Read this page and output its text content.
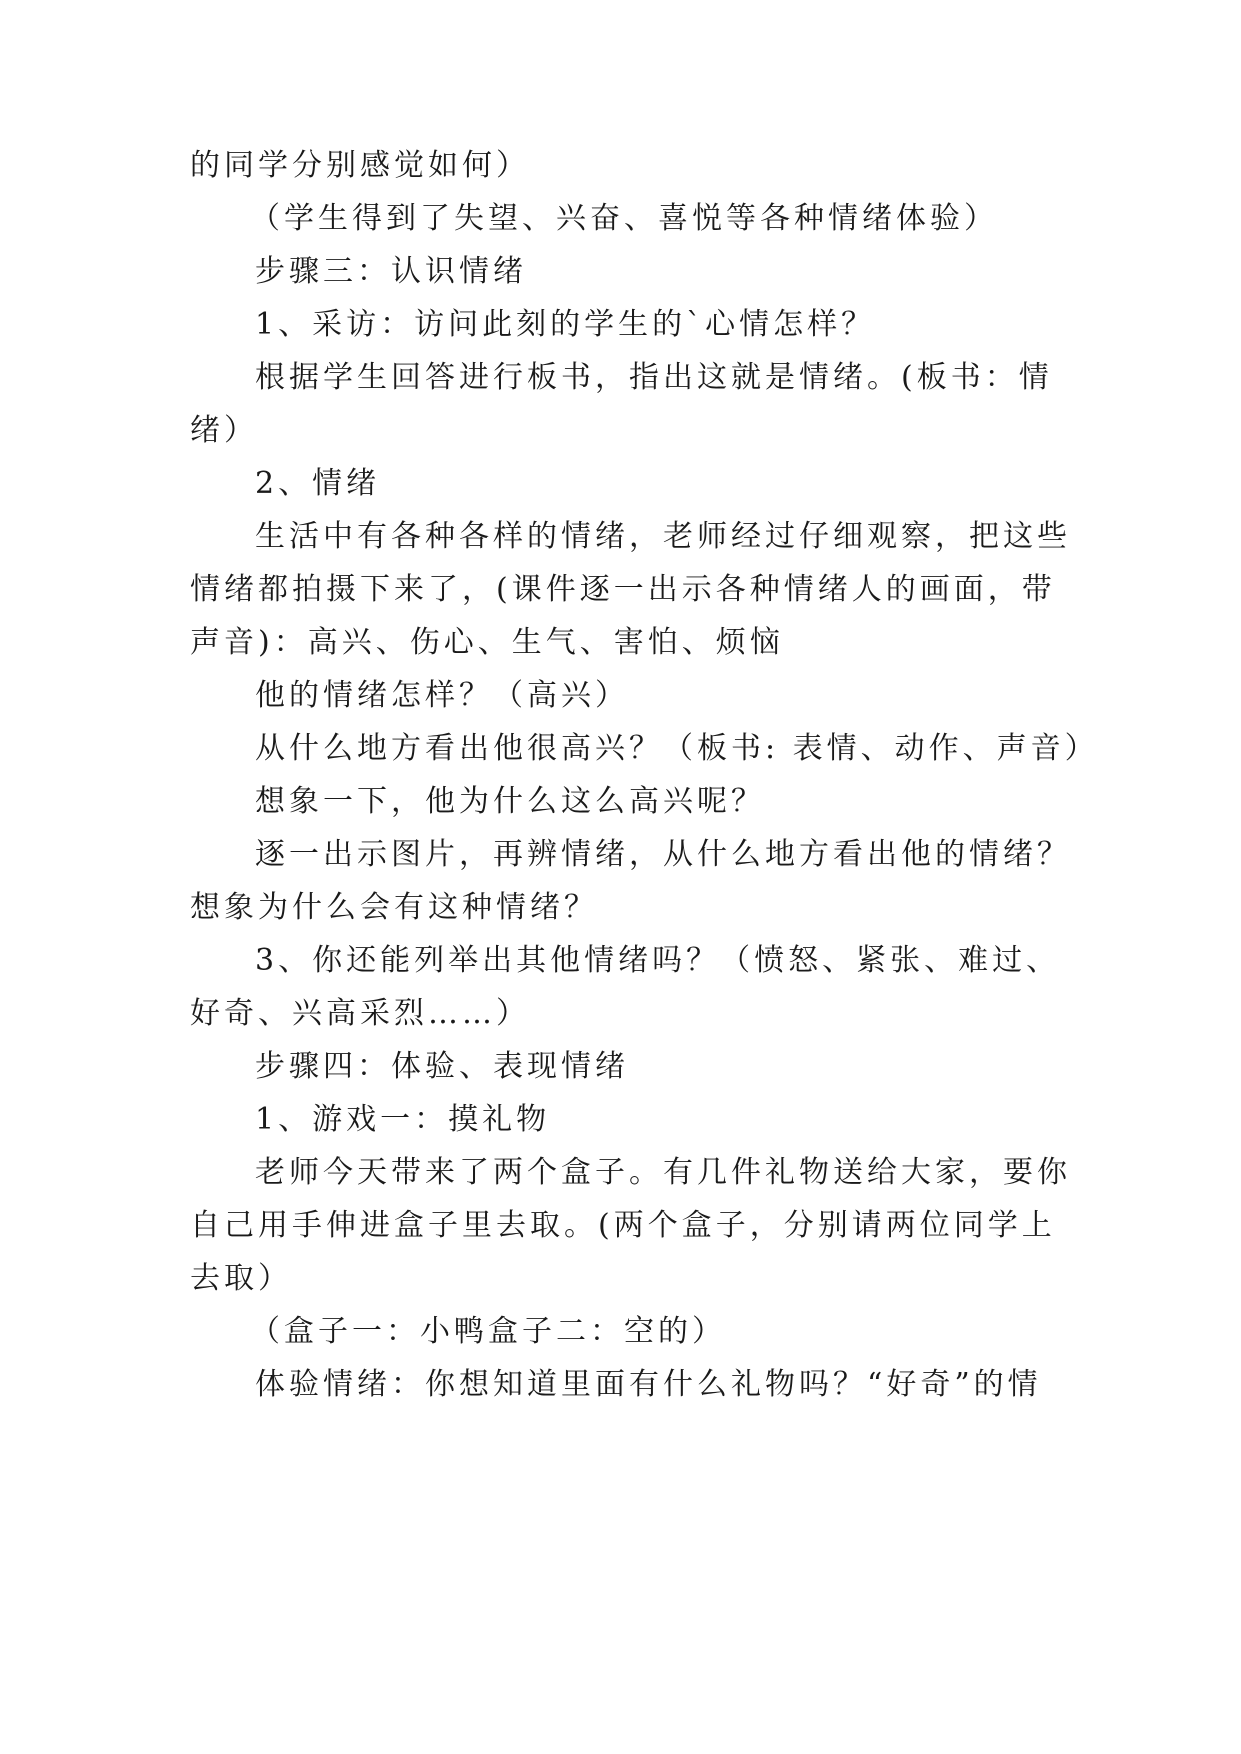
的同学分别感觉如何）
（学生得到了失望、兴奋、喜悦等各种情绪体验）
步骤三：认识情绪
1、采访：访问此刻的学生的`心情怎样？
根据学生回答进行板书，指出这就是情绪。(板书：情
绪）
2、情绪
生活中有各种各样的情绪，老师经过仔细观察，把这些
情绪都拍摄下来了，(课件逐一出示各种情绪人的画面，带
声音)：高兴、伤心、生气、害怕、烦恼
他的情绪怎样？（高兴）
从什么地方看出他很高兴？（板书: 表情、动作、声音）
想象一下，他为什么这么高兴呢？
逐一出示图片，再辨情绪，从什么地方看出他的情绪？
想象为什么会有这种情绪？
3、你还能列举出其他情绪吗？（愤怒、紧张、难过、
好奇、兴高采烈……）
步骤四：体验、表现情绪
1、游戏一：摸礼物
老师今天带来了两个盒子。有几件礼物送给大家，要你
自己用手伸进盒子里去取。(两个盒子，分别请两位同学上
去取）
（盒子一：小鸭盒子二：空的）
体验情绪：你想知道里面有什么礼物吗？“好奇”的情
